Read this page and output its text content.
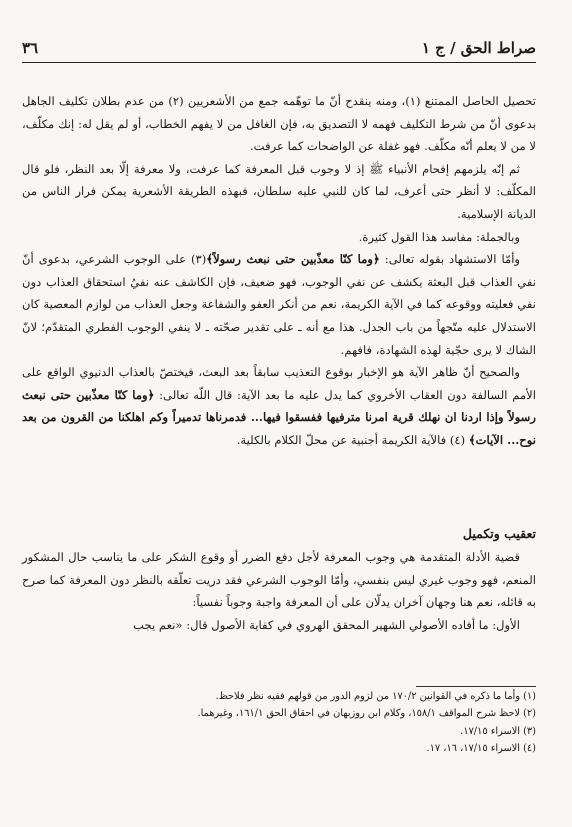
صراط الحق / ج ١
٣٦

تحصيل الحاصل الممتنع (١)، ومنه ينقدح أنّ ما توهّمه جمع من الأشعريين (٢) من عدم بطلان تكليف الجاهل بدعوى أنّ من شرط التكليف فهمه لا التصديق به، فإن الغافل من لا يفهم الخطاب، أو لم يقل له: إنك مكلّف، لا من لا يعلم أنّه مكلّف. فهو غفلة عن الواضحات كما عرفت.

ثم إنّه يلزمهم إفحام الأنبياء ﷺ إذ لا وجوب قبل المعرفة كما عرفت، ولا معرفة إلّا بعد النظر، فلو قال المكلّف: لا أنظر حتى أعرف، لما كان للنبي عليه سلطان، فبهذه الطريقة الأشعرية يمكن فرار الناس من الديانة الإسلامية.

وبالجملة: مفاسد هذا القول كثيرة.

وأمّا الاستشهاد بقوله تعالى: ﴿وما كنّا معذّبين حتى نبعث رسولاً﴾(٣) على الوجوب الشرعي، بدعوى أنّ نفي العذاب قبل البعثة يكشف عن نفي الوجوب، فهو ضعيف، فإن الكاشف عنه نفيُ استحقاق العذاب دون نفي فعليته ووقوعه كما في الآية الكريمة، نعم من أنكر العفو والشفاعة وجعل العذاب من لوازم المعصية كان الاستدلال عليه متّجهاً من باب الجدل. هذا مع أنه ـ على تقدير صحّته ـ لا ينفي الوجوب الفطري المتقدّم؛ لانّ الشاك لا يرى حجّية لهذه الشهادة، فافهم.

والصحيح أنّ ظاهر الآية هو الإخبار بوقوع التعذيب سابقاً بعد البعث، فيختصّ بالعذاب الدنيوي الواقع على الأمم السالفة دون العقاب الأخروي كما يدل عليه ما بعد الآية: قال اللّه تعالى: ﴿وما كنّا معذّبين حتى نبعث رسولاً وإذا اردنا ان نهلك قرية امرنا مترفيها ففسقوا فيها... فدمرناها تدميراً وكم اهلكنا من القرون من بعد نوح... الآيات﴾ (٤) فالآية الكريمة أجنبية عن محلّ الكلام بالكلية.

تعقيب وتكميل

قضية الأدلة المتقدمة هي وجوب المعرفة لأجل دفع الضرر أو وقوع الشكر على ما يناسب حال المشكور المنعم، فهو وجوب غيري ليس بنفسي، وأمّا الوجوب الشرعي فقد دريت تعلّقه بالنظر دون المعرفة كما صرح به قائله، نعم هنا وجهان آخران يدلّان على أن المعرفة واجبة وجوباً نفسياً:

الأول: ما أفاده الأصولي الشهير المحقق الهروي في كفاية الأصول قال: «نعم يجب

(١) وأما ما ذكره في القوانين ١٧٠/٢ من لزوم الدور من قولهم ففيه نظر فلاحظ.
(٢) لاحظ شرح المواقف ١٥٨/١، وكلام ابن روزبهان في احقاق الحق ١٦١/١، وغيرهما.
(٣) الاسراء ١٧/١٥.
(٤) الاسراء ١٧/١٥، ١٦، ١٧.
